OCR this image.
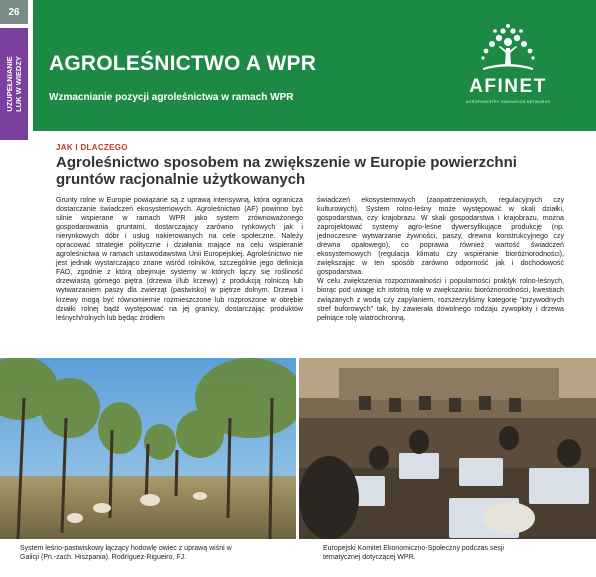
26
UZUPEŁNIANIE LUK W WIEDZY AGROLEŚNICTWO A WPR
Wzmacnianie pozycji agroleśnictwa w ramach WPR
AFINET
AGROFORESTRY INNOVATION NETWORKS
JAK I DLACZEGO
Agroleśnictwo sposobem na zwiększenie w Europie powierzchni gruntów racjonalnie użytkowanych

Grunty rolne w Europie powiązane są z uprawą intensywną, która ogranicza dostarczanie świadczeń ekosystemowych. Agroleśnictwo (AF) powinno być silnie wspierane w ramach WPR jako system zrównoważonego gospodarowania gruntami, dostarczający zarówno rynkowych jak i nierynkowych dóbr i usług nakierowanych na cele społeczne. Należy opracować strategie polityczne i działania mające na celu wspieranie agroleśnictwa w ramach ustawodawstwa Unii Europejskiej. Agroleśnictwo nie jest jednak wystarczająco znane wśród rolników, szczególnie jego definicja FAO, zgodnie z którą obejmuje systemy w których łączy się rośliność drzewiastą górnego piętra (drzewa i/lub krzewy) z produkcją rolniczą lub wytwarzaniem paszy dla zwierząt (pastwisko) w piętrze dolnym. Drzewa i krzewy mogą być równomiernie rozmieszczone lub rozproszone w obrębie działki rolnej bądź występować na jej granicy, dostarczając produktów leśnych/rolnych lub będąc źródłem

świadczeń ekosystemowych (zaopatrzeniowych, regulacyjnych czy kulturowych). System rolno-leśny może występować w skali działki, gospodarstwa, czy krajobrazu. W skali gospodarstwa i krajobrazu, można zaprojektować systemy agro-leśne dywersyfikujące produkcję (np. jednoczesne wytwarzanie żywności, paszy, drewna konstrukcyjnego czy drewna opałowego), co poprawia również wartość świadczeń ekosystemowych (regulacja klimatu czy wspieranie bioróżnorodności), zwiększając w ten sposób zarówno odporność jak i dochodowość gospodarstwa.

W celu zwiększenia rozpoznawalności i popularności praktyk rolno-leśnych, biorąc pod uwagę ich istotną rolę w zwiększaniu bioróżnorodności, kwestiach związanych z wodą czy zapylaniem, rozszerzyliśmy kategorię "przywodnych stref buforowych" tak, by zawierała dowolnego rodzaju zywopłoty i drzewa pełniące rolę wiatrochronną.

System leśno-pastwiskowy łączący hodowlę owiec z uprawą wiśni w Galicji (Pn.-zach. Hiszpania). Rodríguez-Rigueiro, FJ.
Europejski Komitet Ekonomiczno-Społeczny podczas sesji tematycznej dotyczącej WPR.
